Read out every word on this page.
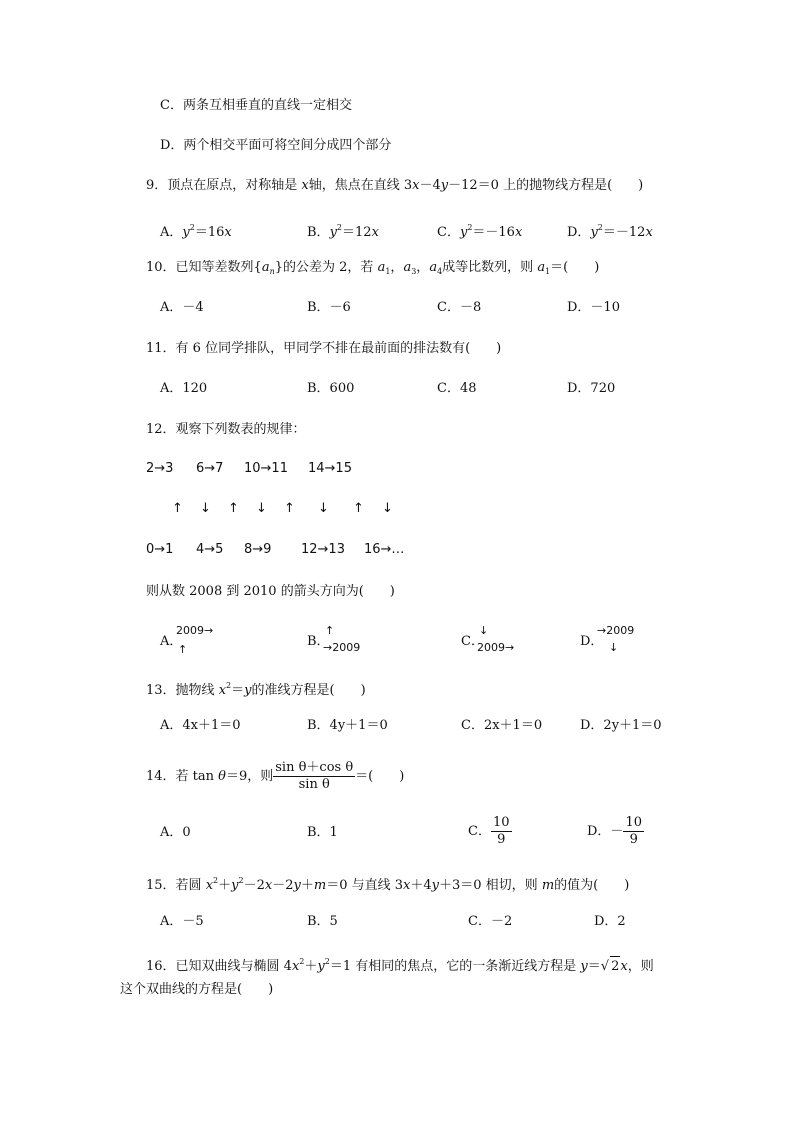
C．两条互相垂直的直线一定相交
D．两个相交平面可将空间分成四个部分
9．顶点在原点，对称轴是 x轴，焦点在直线 3x－4y－12＝0 上的抛物线方程是(　　)
A．$y^2=16x$	B．$y^2=12x$	C．$y^2=-16x$	D．$y^2=-12x$
10．已知等差数列$\{a_n\}$的公差为 2，若 $a_1$，$a_3$，$a_4$成等比数列，则 $a_1=$(　　)
A．－4	B．－6	C．－8	D．－10
11．有 6 位同学排队，甲同学不排在最前面的排法数有(　　)
A．120	B．600	C．48	D．720
12．观察下列数表的规律：
2→3 6→7 10→11 14→15
↑ ↓ ↑ ↓ ↑ ↓ ↑ ↓
0→1 4→5 8→9 12→13 16→…
则从数 2008 到 2010 的箭头方向为(　　)
A．
2009→
↑
B．
↑
→2009	C．
↓
2009→	D．
→2009
↓
13．抛物线 $x^2=y$的准线方程是(　　)
A．4x＋1＝0	B．4y＋1＝0	C．2x＋1＝0	D．2y＋1＝0
14．若 tan θ＝9，则 $\frac{\text{sin θ＋cos θ}}{\text{sin θ}}$ ＝(　　)
A．0	B．1	C． $\frac{10}{9}$	D．－ $\frac{10}{9}$
15．若圆 $x^2+y^2-2x-2y+m=0$ 与直线 3x＋4y＋3＝0 相切，则 m的值为(　　)
A．－5	B．5	C．－2	D．2
16．已知双曲线与椭圆 $4x^2+y^2=1$ 有相同的焦点，它的一条渐近线方程是 y＝√ 2x，则
这个双曲线的方程是(　　)
